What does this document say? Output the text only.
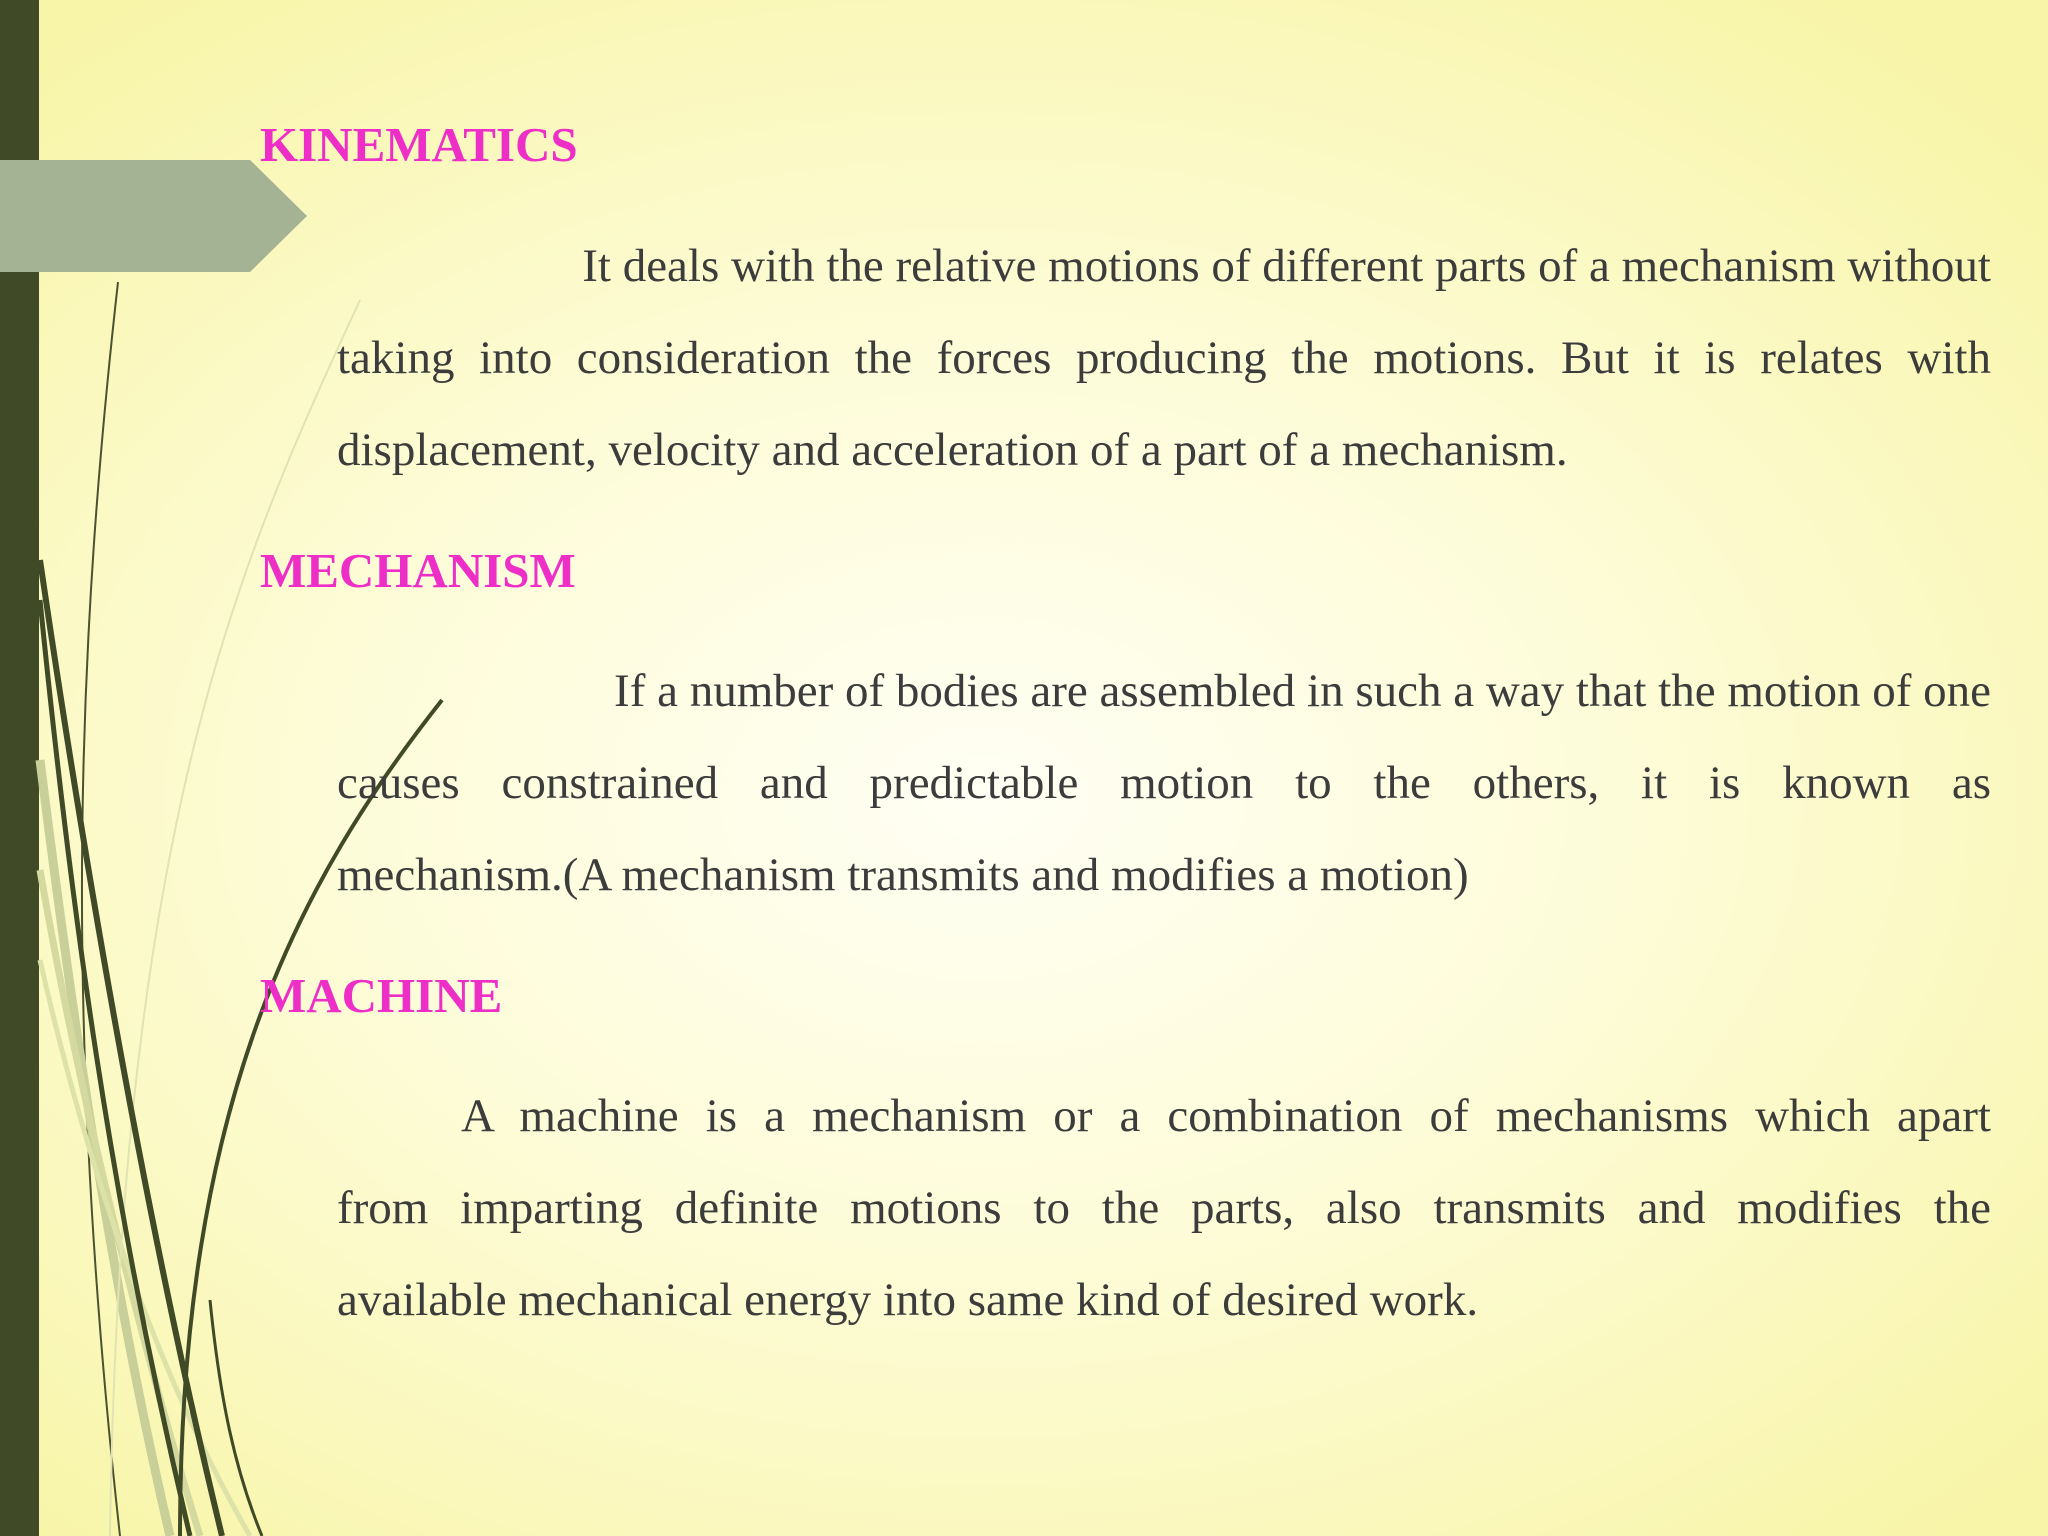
KINEMATICS
It deals with the relative motions of different parts of a mechanism without
taking into consideration the forces producing the motions. But it is relates with
displacement, velocity and acceleration of a part of a mechanism.
MECHANISM
If a number of bodies are assembled in such a way that the motion of one
causes constrained and predictable motion to the others, it is known as
mechanism.(A mechanism transmits and modifies a motion)
MACHINE
A machine is a mechanism or a combination of mechanisms which apart
from imparting definite motions to the parts, also transmits and modifies the
available mechanical energy into same kind of desired work.
